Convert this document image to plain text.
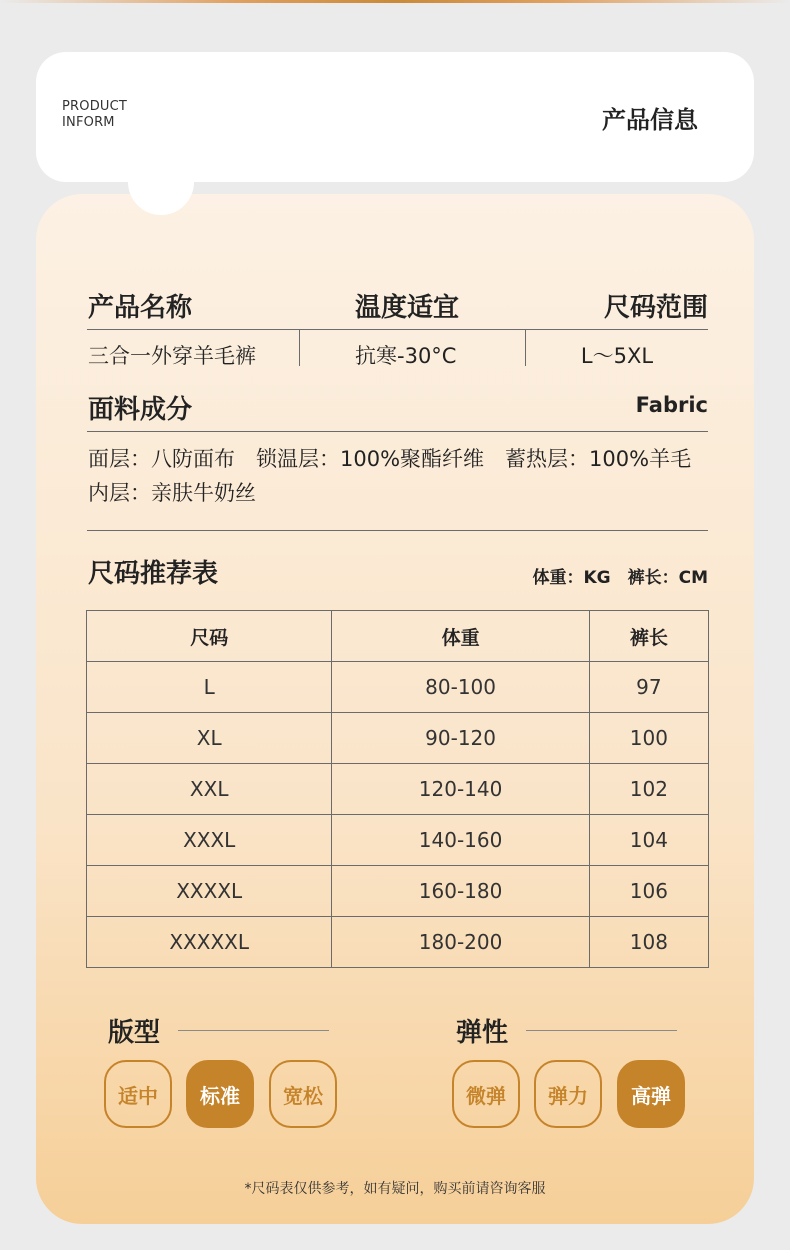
PRODUCT
INFORM	产品信息
产品名称	温度适宜	尺码范围
三合一外穿羊毛裤	抗寒-30°C	L～5XL
面料成分	Fabric
面层：八防面布　锁温层：100%聚酯纤维　蓄热层：100%羊毛
内层：亲肤牛奶丝
尺码推荐表	体重：KG　裤长：CM
尺码	体重	裤长
L	80-100	97
XL	90-120	100
XXL	120-140	102
XXXL	140-160	104
XXXXL	160-180	106
XXXXXL	180-200	108
版型
适中	标准	宽松
弹性
微弹	弹力	高弹
*尺码表仅供参考，如有疑问，购买前请咨询客服
